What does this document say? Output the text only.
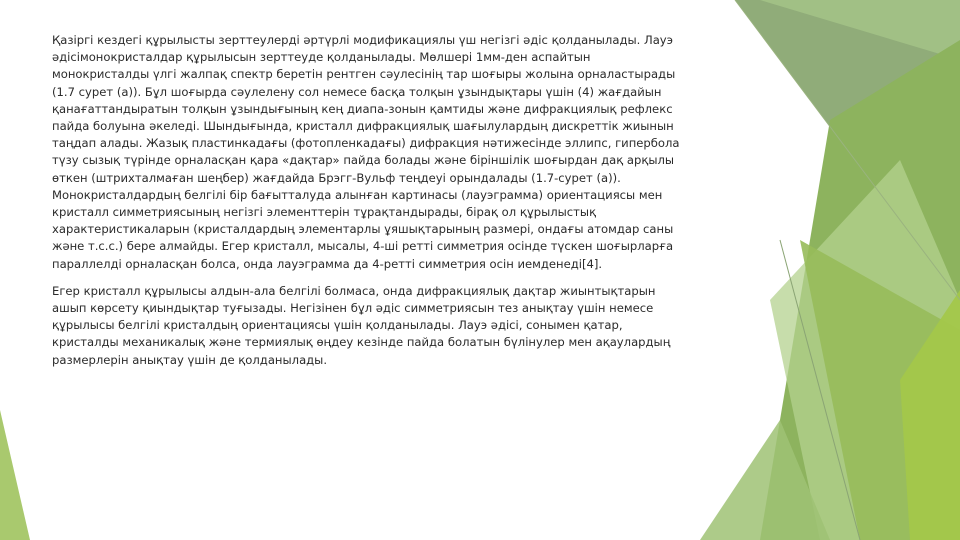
Қазіргі кездегі құрылысты зерттеулерді әртүрлі модификациялы үш негізгі әдіс қолданылады. Лауэ әдісімонокристалдар құрылысын зерттеуде қолданылады. Мөлшері 1мм-ден аспайтын монокристалды үлгі жалпақ спектр беретін рентген сәулесінің тар шоғыры жолына орналастырады (1.7 сурет (а)). Бұл шоғырда сәулелену сол немесе басқа толқын ұзындықтары үшін (4) жағдайын қанағаттандыратын толқын ұзындығының кең диапа-зонын қамтиды және дифракциялық рефлекс пайда болуына әкеледі. Шындығында, кристалл дифракциялық шағылулардың дискреттік жиынын таңдап алады. Жазық пластинкадағы (фотопленкадағы) дифракция нәтижесінде эллипс, гипербола түзу сызық түрінде орналасқан қара «дақтар» пайда болады және біріншілік шоғырдан дақ арқылы өткен (штрихталмаған шеңбер) жағдайда Брэгг-Вульф теңдеуі орындалады (1.7-сурет (а)). Монокристалдардың белгілі бір бағытталуда алынған картинасы (лауэграмма) ориентациясы мен кристалл симметриясының негізгі элементтерін тұрақтандырады, бірақ ол құрылыстық характеристикаларын (кристалдардың элементарлы ұяшықтарының размері, ондағы атомдар саны және т.с.с.) бере алмайды. Егер кристалл, мысалы, 4-ші ретті симметрия осінде түскен шоғырларға параллелді орналасқан болса, онда лауэграмма да 4-ретті симметрия осін иемденеді[4].

Егер кристалл құрылысы алдын-ала белгілі болмаса, онда дифракциялық дақтар жиынтықтарын ашып көрсету қиындықтар туғызады. Негізінен бұл әдіс симметриясын тез анықтау үшін немесе құрылысы белгілі кристалдың ориентациясы үшін қолданылады. Лауэ әдісі, сонымен қатар, кристалды механикалық және термиялық өңдеу кезінде пайда болатын бүлінулер мен ақаулардың размерлерін анықтау үшін де қолданылады.
